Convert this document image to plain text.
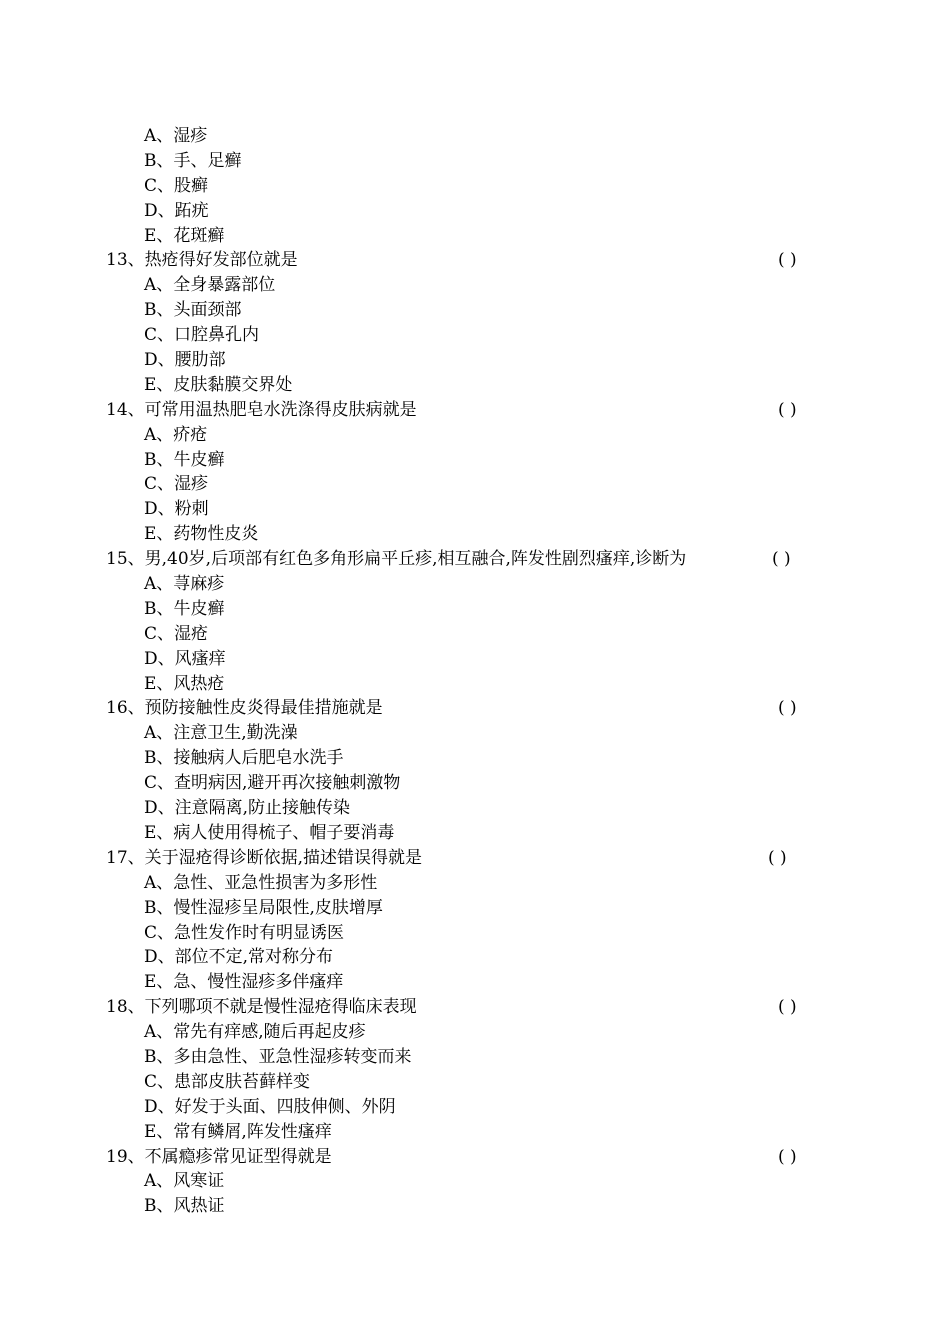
A、湿疹
B、手、足癣
C、股癣
D、跖疣
E、花斑癣
13、热疮得好发部位就是	( )
A、全身暴露部位
B、头面颈部
C、口腔鼻孔内
D、腰肋部
E、皮肤黏膜交界处
14、可常用温热肥皂水洗涤得皮肤病就是	( )
A、疥疮
B、牛皮癣
C、湿疹
D、粉刺
E、药物性皮炎
15、男,40岁,后项部有红色多角形扁平丘疹,相互融合,阵发性剧烈瘙痒,诊断为	( )
A、荨麻疹
B、牛皮癣
C、湿疮
D、风瘙痒
E、风热疮
16、预防接触性皮炎得最佳措施就是	( )
A、注意卫生,勤洗澡
B、接触病人后肥皂水洗手
C、查明病因,避开再次接触刺激物
D、注意隔离,防止接触传染
E、病人使用得梳子、帽子要消毒
17、关于湿疮得诊断依据,描述错误得就是	( )
A、急性、亚急性损害为多形性
B、慢性湿疹呈局限性,皮肤增厚
C、急性发作时有明显诱医
D、部位不定,常对称分布
E、急、慢性湿疹多伴瘙痒
18、下列哪项不就是慢性湿疮得临床表现	( )
A、常先有痒感,随后再起皮疹
B、多由急性、亚急性湿疹转变而来
C、患部皮肤苔藓样变
D、好发于头面、四肢伸侧、外阴
E、常有鳞屑,阵发性瘙痒
19、不属瘾疹常见证型得就是	( )
A、风寒证
B、风热证
